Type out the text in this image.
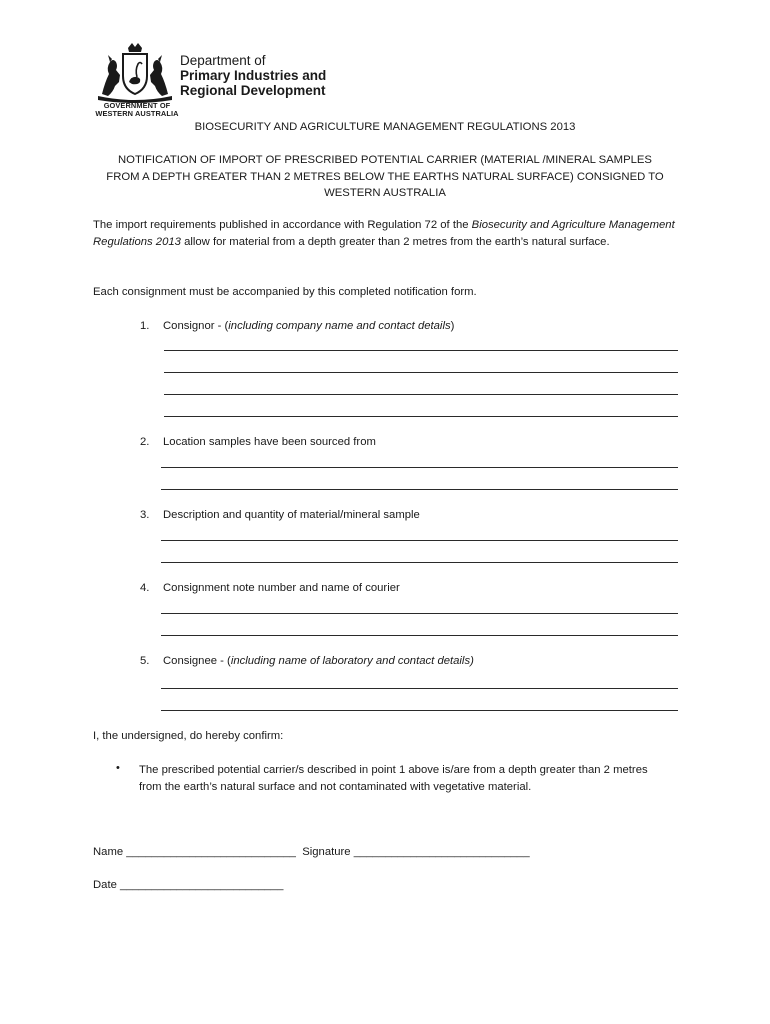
GOVERNMENT OF
WESTERN AUSTRALIA
Department of
Primary Industries and
Regional Development
BIOSECURITY AND AGRICULTURE MANAGEMENT REGULATIONS 2013
NOTIFICATION OF IMPORT OF PRESCRIBED POTENTIAL CARRIER (MATERIAL /MINERAL SAMPLES
FROM A DEPTH GREATER THAN 2 METRES BELOW THE EARTHS NATURAL SURFACE) CONSIGNED TO
WESTERN AUSTRALIA
The import requirements published in accordance with Regulation 72 of the Biosecurity and Agriculture Management Regulations 2013 allow for material from a depth greater than 2 metres from the earth’s natural surface.
Each consignment must be accompanied by this completed notification form.
1. Consignor - (including company name and contact details)
2. Location samples have been sourced from
3. Description and quantity of material/mineral sample
4. Consignment note number and name of courier
5. Consignee - (including name of laboratory and contact details)
I, the undersigned, do hereby confirm:
• The prescribed potential carrier/s described in point 1 above is/are from a depth greater than 2 metres from the earth’s natural surface and not contaminated with vegetative material.
Name ___________________________ Signature ____________________________
Date __________________________
